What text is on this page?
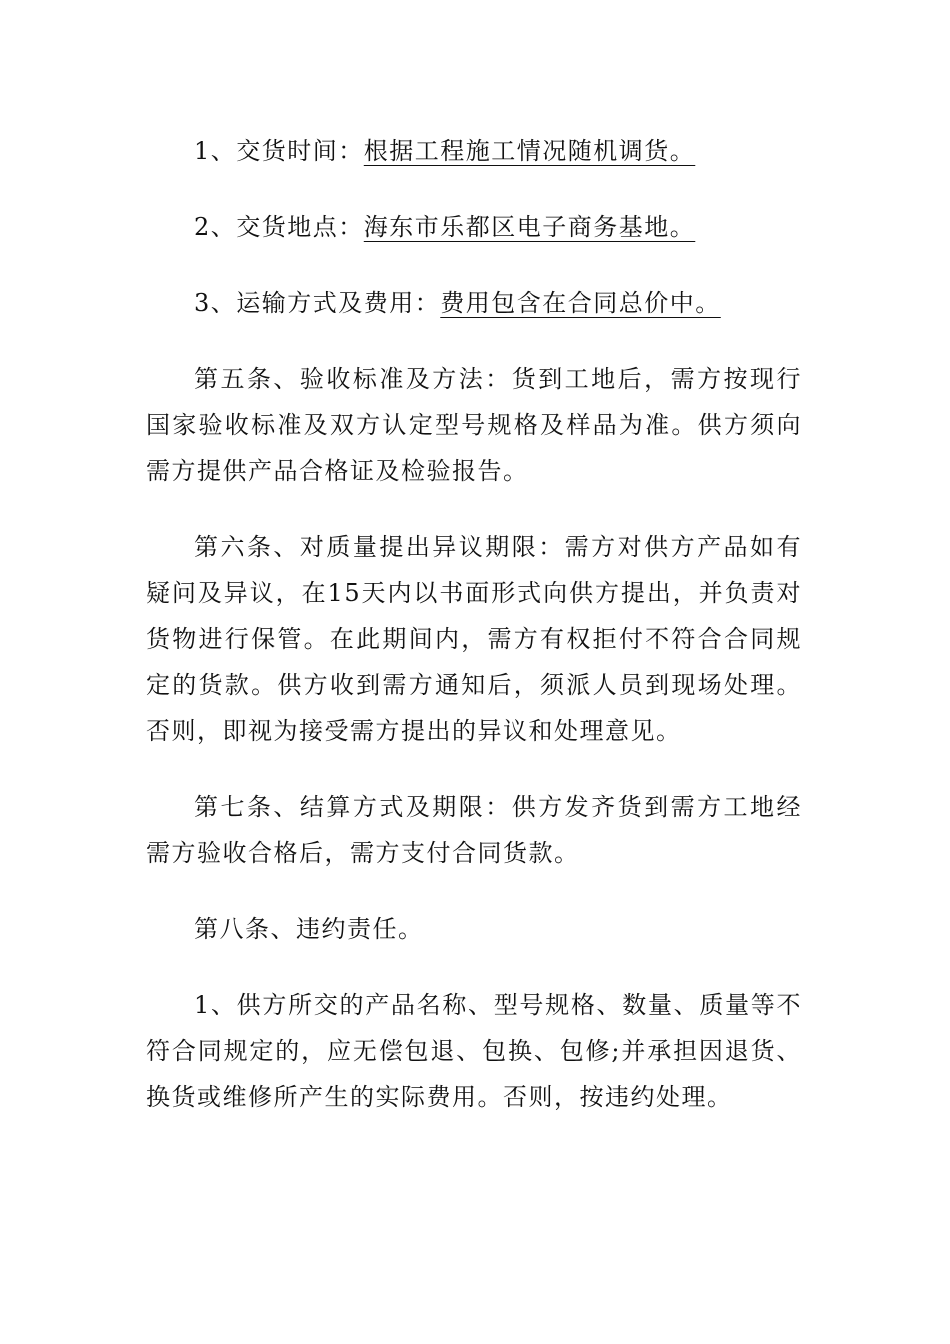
1、交货时间：根据工程施工情况随机调货。

2、交货地点：海东市乐都区电子商务基地。

3、运输方式及费用：费用包含在合同总价中。

第五条、验收标准及方法：货到工地后，需方按现行国家验收标准及双方认定型号规格及样品为准。供方须向需方提供产品合格证及检验报告。

第六条、对质量提出异议期限：需方对供方产品如有疑问及异议，在15天内以书面形式向供方提出，并负责对货物进行保管。在此期间内，需方有权拒付不符合合同规定的货款。供方收到需方通知后，须派人员到现场处理。否则，即视为接受需方提出的异议和处理意见。

第七条、结算方式及期限：供方发齐货到需方工地经需方验收合格后，需方支付合同货款。

第八条、违约责任。

1、供方所交的产品名称、型号规格、数量、质量等不符合同规定的，应无偿包退、包换、包修;并承担因退货、换货或维修所产生的实际费用。否则，按违约处理。
